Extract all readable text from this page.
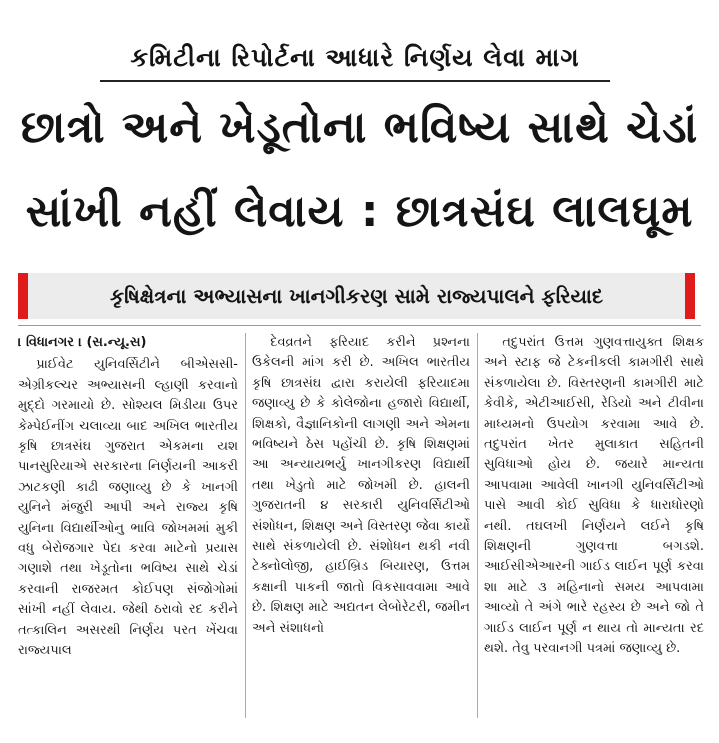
કમિટીના રિપોર્ટના આધારે નિર્ણય લેવા માગ
છાત્રો અને ખેડૂતોના ભવિષ્ય સાથે ચેડાં
સાંખી નહીં લેવાય : છાત્રસંઘ લાલઘૂમ
કૃષિક્ષેત્રના અભ્યાસના ખાનગીકરણ સામે રાજ્યપાલને ફરિયાદ
। વિધાનગર । (સ.ન્યૂ.સ)

પ્રાઈવેટ યુનિવર્સિટીને બીએસસી-એગ્રીકલ્ચર અભ્યાસની લ્હાણી કરવાનો મુદ્દો ગરમાયો છે. સોશ્યલ મિડીયા ઉપર કેમ્પેઈનીંગ ચલાવ્યા બાદ અખિલ ભારતીય કૃષિ છાત્રસંઘ ગુજરાત એકમના યશ પાનસુરિયાએ સરકારના નિર્ણયની આકરી ઝાટકણી કાઢી જણાવ્યુ છે કે ખાનગી યુનિને મંજુરી આપી અને રાજ્ય કૃષિ યુનિના વિદ્યાર્થીઓનુ ભાવિ જોખમમાં મુકી વધુ બેરોજગાર પેદા કરવા માટેનો પ્રયાસ ગણાશે તથા ખેડૂતોના ભવિષ્ય સાથે ચેડાં કરવાની રાજરમત કોઈપણ સંજોગોમાં સાંખી નહીં લેવાય. જેથી ઠરાવો રદ કરીને તત્કાલિન અસરથી નિર્ણય પરત ખેંચવા રાજ્યપાલ

દેવવ્રતને ફરિયાદ કરીને પ્રશ્નના ઉકેલની માંગ કરી છે. અખિલ ભારતીય કૃષિ છાત્રસંઘ દ્વારા કરાયેલી ફરિયાદમા જણાવ્યુ છે કે કોલેજોના હજારો વિદ્યાર્થી, શિક્ષકો, વૈજ્ઞાનિકોની લાગણી અને એમના ભવિષ્યને ઠેસ પહોંચી છે. કૃષિ શિક્ષણમાં આ અન્યાયભર્યુ ખાનગીકરણ વિદ્યાર્થી તથા ખેડુતો માટે જોખમી છે. હાલની ગુજરાતની ૪ સરકારી યુનિવર્સિટીઓ સંશોધન, શિક્ષણ અને વિસ્તરણ જેવા કાર્યો સાથે સંકળાયેલી છે. સંશોધન થકી નવી ટેક્નોલોજી, હાઈબ્રિડ બિયારણ, ઉત્તમ કક્ષાની પાકની જાતો વિકસાવવામા આવે છે. શિક્ષણ માટે અદ્યતન લેબોરેટરી, જમીન અને સંશાધનો

તદુપરાંત ઉત્તમ ગુણવત્તાયુક્ત શિક્ષક અને સ્ટાફ જે ટેકનીકલી કામગીરી સાથે સંકળાયેલા છે. વિસ્તરણની કામગીરી માટે કેવીકે, એટીઆઈસી, રેડિયો અને ટીવીના માધ્યમનો ઉપયોગ કરવામા આવે છે. તદુપરાંત ખેતર મુલાકાત સહિતની સુવિધાઓ હોય છે. જયારે માન્યતા આપવામા આવેલી ખાનગી યુનિવર્સિટીઓ પાસે આવી કોઈ સુવિધા કે ધારાધોરણો નથી. તઘલખી નિર્ણયને લઈને કૃષિ શિક્ષણની ગુણવત્તા બગડશે. આઈસીએઆરની ગાઈડ લાઈન પૂર્ણ કરવા શા માટે ૩ મહિનાનો સમય આપવામા આવ્યો તે અંગે ભારે રહસ્ય છે અને જો તે ગાઈડ લાઈન પૂર્ણ ન થાય તો માન્યતા રદ થશે. તેવુ પરવાનગી પત્રમાં જણાવ્યુ છે.
